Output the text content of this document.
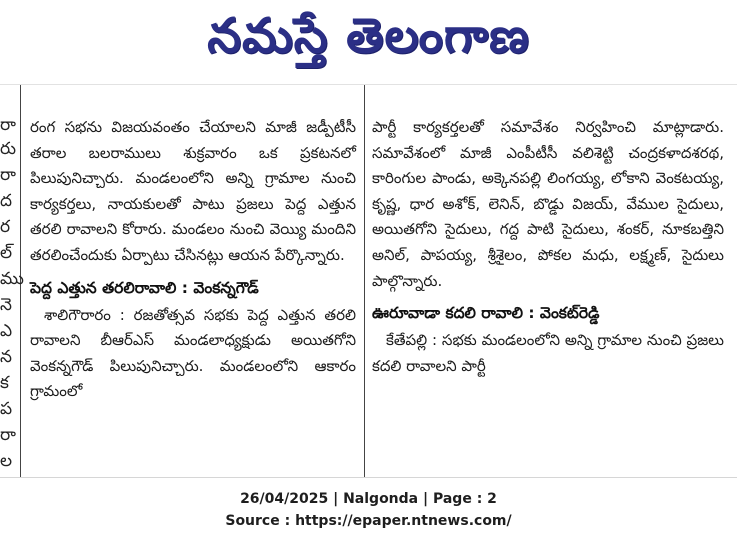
నమస్తే తెలంగాణ
రా
రు
రా
ద
ర
ల్
ము
నె
ఎ
న
క
ప
రా
ల

రంగ సభను విజయవంతం చేయాలని మాజీ జడ్పీటీసీ తరాల బలరాములు శుక్రవారం ఒక ప్రకటనలో పిలుపునిచ్చారు. మండలంలోని అన్ని గ్రామాల నుంచి కార్యకర్తలు, నాయకులతో పాటు ప్రజలు పెద్ద ఎత్తున తరలి రావాలని కోరారు. మండలం నుంచి వెయ్యి మందిని తరలించేందుకు ఏర్పాటు చేసినట్లు ఆయన పేర్కొన్నారు.

పెద్ద ఎత్తున తరలిరావాలి : వెంకన్నగౌడ్

శాలిగౌరారం : రజతోత్సవ సభకు పెద్ద ఎత్తున తరలి రావాలని బీఆర్ఎస్ మండలాధ్యక్షుడు అయితగోని వెంకన్నగౌడ్ పిలుపునిచ్చారు. మండలంలోని ఆకారం గ్రామంలో

పార్టీ కార్యకర్తలతో సమావేశం నిర్వహించి మాట్లాడారు. సమావేశంలో మాజీ ఎంపీటీసీ వలిశెట్టి చంద్రకళాదశరథ, కారింగుల పాండు, అక్కెనపల్లి లింగయ్య, లోకాని వెంకటయ్య, కృష్ణ, ధార అశోక్, లెనిన్, బొడ్డు విజయ్, వేముల సైదులు, అయితగోని సైదులు, గద్ద పాటి సైదులు, శంకర్, నూకబత్తిని అనిల్, పాపయ్య, శ్రీశైలం, పోకల మధు, లక్ష్మణ్, సైదులు పాల్గొన్నారు.

ఊరూవాడా కదలి రావాలి : వెంకట్‌రెడ్డి

కేతేపల్లి : సభకు మండలంలోని అన్ని గ్రామాల నుంచి ప్రజలు కదలి రావాలని పార్టీ

26/04/2025 | Nalgonda | Page : 2
Source : https://epaper.ntnews.com/
